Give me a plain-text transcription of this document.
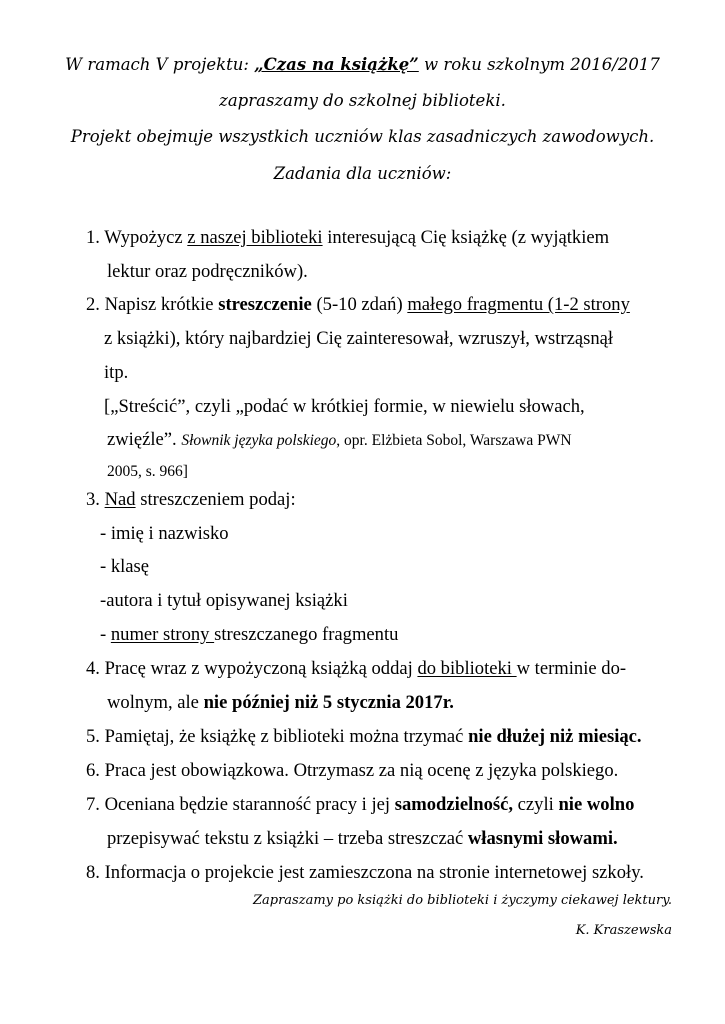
W ramach V projektu: „Czas na książkę” w roku szkolnym 2016/2017

zapraszamy do szkolnej biblioteki.

Projekt obejmuje wszystkich uczniów klas zasadniczych zawodowych.

Zadania dla uczniów:

1. Wypożycz z naszej biblioteki interesującą Cię książkę (z wyjątkiem

lektur oraz podręczników).

2. Napisz krótkie streszczenie (5-10 zdań) małego fragmentu (1-2 strony

z książki), który najbardziej Cię zainteresował, wzruszył, wstrząsnął

itp.

[„Streścić”, czyli „podać w krótkiej formie, w niewielu słowach,

zwięźle”. Słownik języka polskiego, opr. Elżbieta Sobol, Warszawa PWN

2005, s. 966]

3. Nad streszczeniem podaj:

- imię i nazwisko

- klasę

-autora i tytuł opisywanej książki

- numer strony streszczanego fragmentu

4. Pracę wraz z wypożyczoną książką oddaj do biblioteki w terminie do-

wolnym, ale nie później niż 5 stycznia 2017r.

5. Pamiętaj, że książkę z biblioteki można trzymać nie dłużej niż miesiąc.

6. Praca jest obowiązkowa. Otrzymasz za nią ocenę z języka polskiego.

7. Oceniana będzie staranność pracy i jej samodzielność, czyli nie wolno

przepisywać tekstu z książki – trzeba streszczać własnymi słowami.

8. Informacja o projekcie jest zamieszczona na stronie internetowej szkoły.

Zapraszamy po książki do biblioteki i życzymy ciekawej lektury.

K. Kraszewska
